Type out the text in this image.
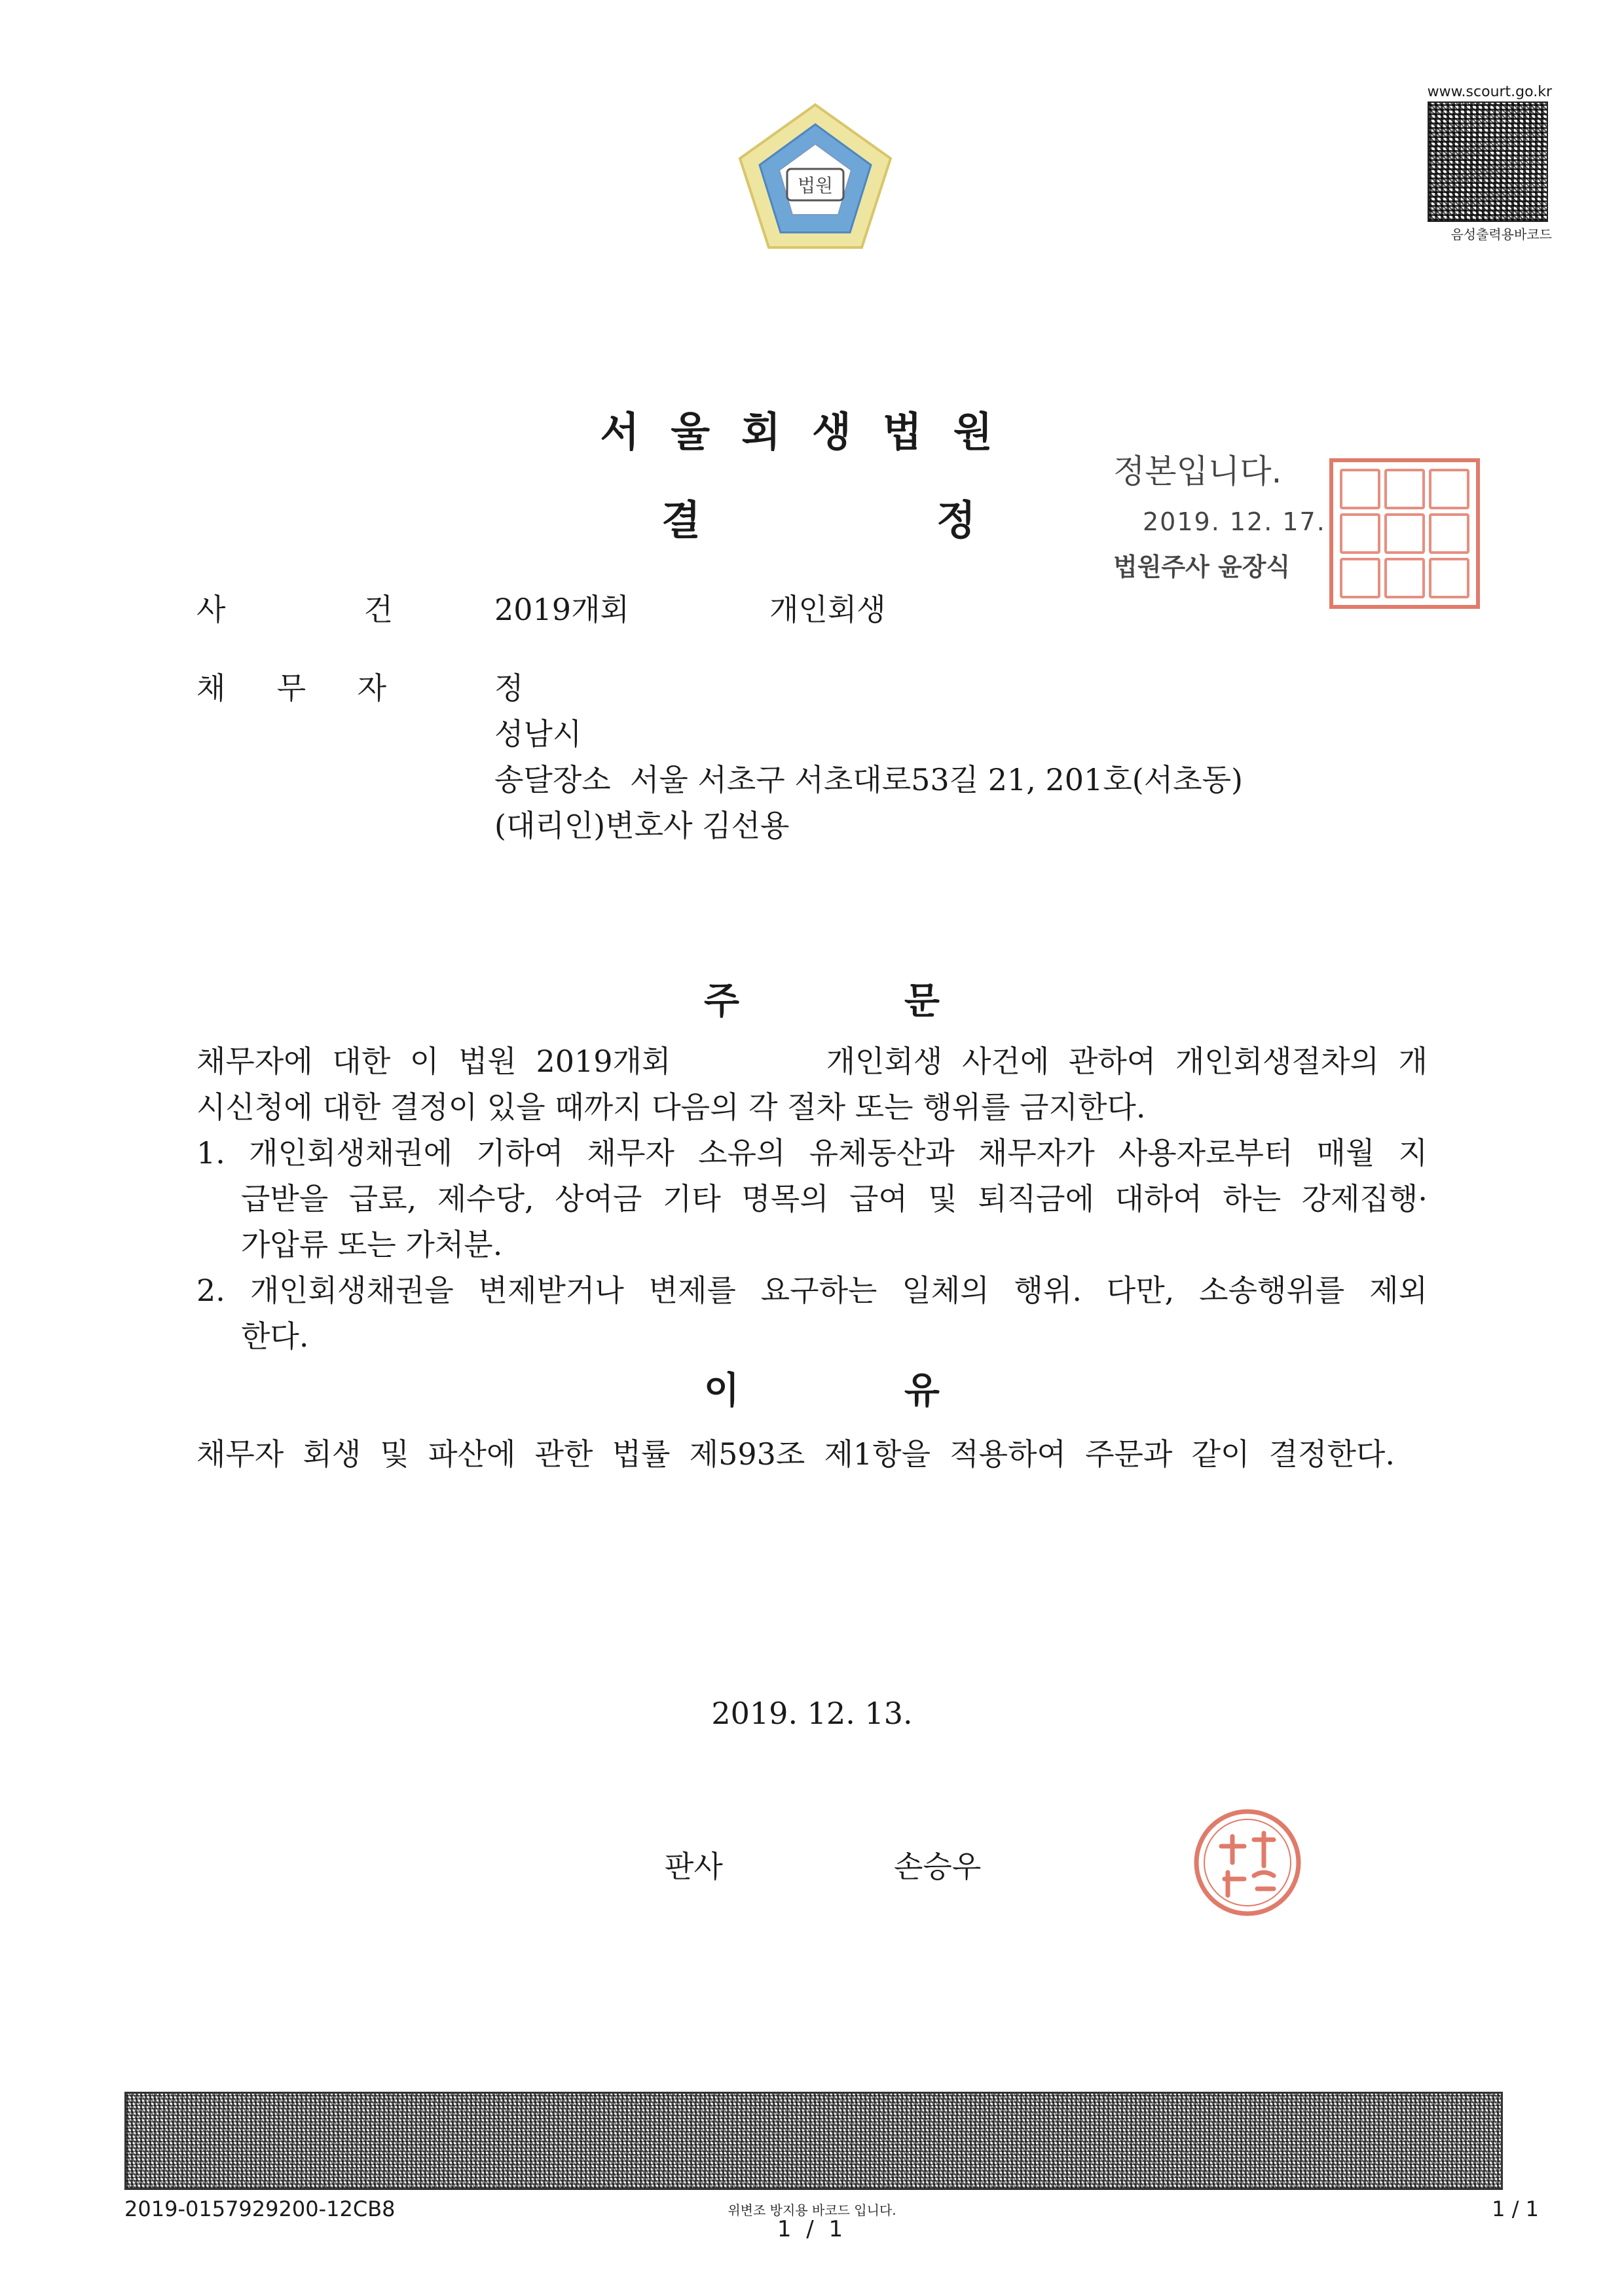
법원
www.scourt.go.kr
음성출력용바코드
서울회생법원
결	정
정본입니다.
2019. 12. 17.
법원주사 윤장식
사	건	2019개회	개인회생
채 무 자	정
성남시
송달장소  서울 서초구 서초대로53길 21, 201호(서초동)
(대리인)변호사 김선용
주	문
채무자에 대한 이 법원 2019개회        개인회생 사건에 관하여 개인회생절차의 개
시신청에 대한 결정이 있을 때까지 다음의 각 절차 또는 행위를 금지한다.
1. 개인회생채권에 기하여 채무자 소유의 유체동산과 채무자가 사용자로부터 매월 지
급받을 급료, 제수당, 상여금 기타 명목의 급여 및 퇴직금에 대하여 하는 강제집행·
가압류 또는 가처분.
2. 개인회생채권을 변제받거나 변제를 요구하는 일체의 행위. 다만, 소송행위를 제외
한다.
이	유
채무자 회생 및 파산에 관한 법률 제593조 제1항을 적용하여 주문과 같이 결정한다.
2019. 12. 13.
판사	손승우
2019-0157929200-12CB8	위변조 방지용 바코드 입니다.
1 / 1
1 / 1
